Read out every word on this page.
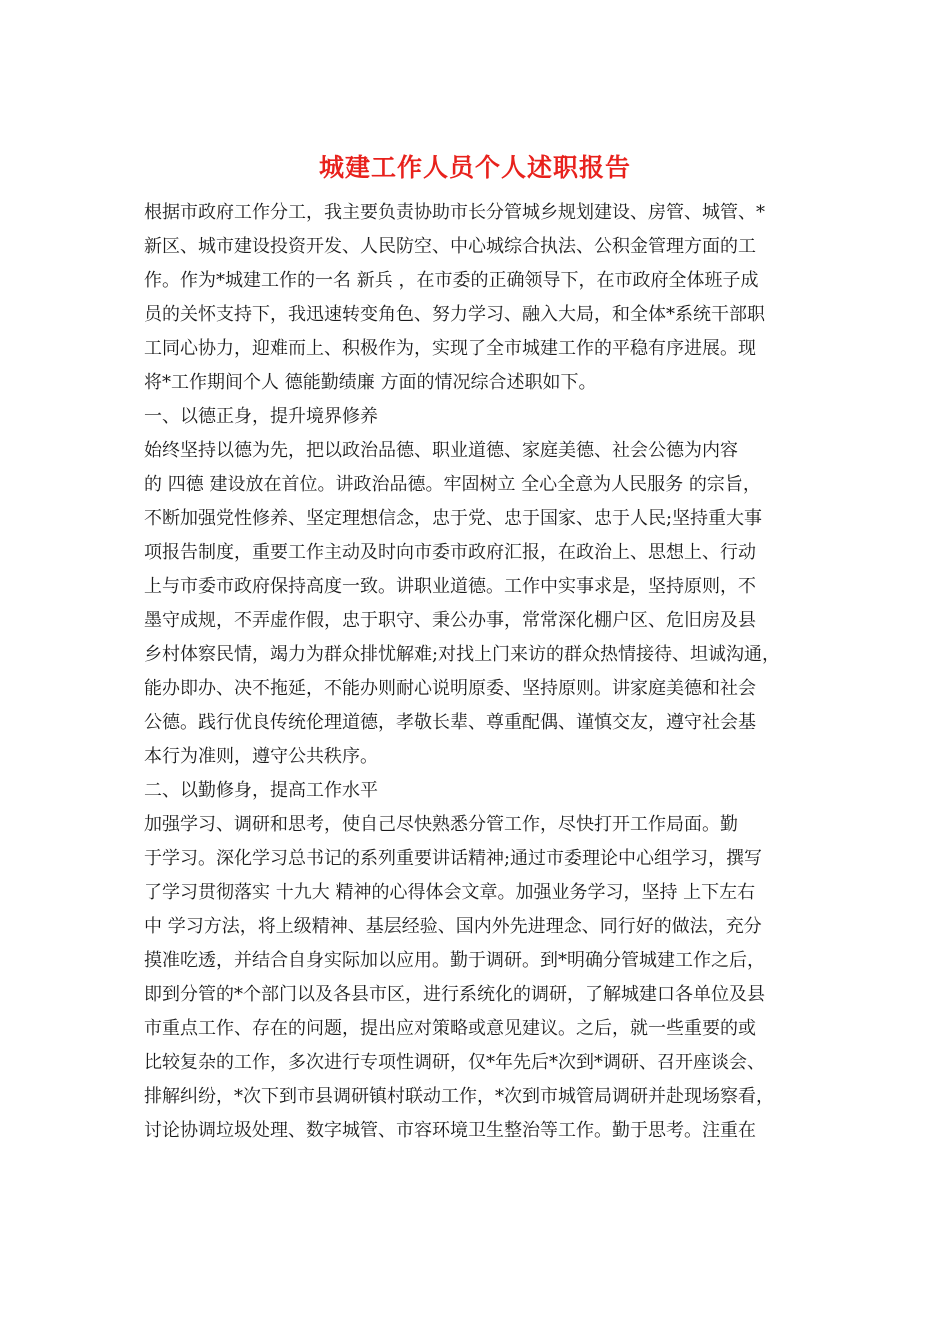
城建工作人员个人述职报告
根据市政府工作分工，我主要负责协助市长分管城乡规划建设、房管、城管、*
新区、城市建设投资开发、人民防空、中心城综合执法、公积金管理方面的工
作。作为*城建工作的一名 新兵 ，在市委的正确领导下，在市政府全体班子成
员的关怀支持下，我迅速转变角色、努力学习、融入大局，和全体*系统干部职
工同心协力，迎难而上、积极作为，实现了全市城建工作的平稳有序进展。现
将*工作期间个人 德能勤绩廉 方面的情况综合述职如下。
一、以德正身，提升境界修养
始终坚持以德为先，把以政治品德、职业道德、家庭美德、社会公德为内容
的 四德 建设放在首位。讲政治品德。牢固树立 全心全意为人民服务 的宗旨，
不断加强党性修养、坚定理想信念，忠于党、忠于国家、忠于人民;坚持重大事
项报告制度，重要工作主动及时向市委市政府汇报，在政治上、思想上、行动
上与市委市政府保持高度一致。讲职业道德。工作中实事求是，坚持原则，不
墨守成规，不弄虚作假，忠于职守、秉公办事，常常深化棚户区、危旧房及县
乡村体察民情，竭力为群众排忧解难;对找上门来访的群众热情接待、坦诚沟通，
能办即办、决不拖延，不能办则耐心说明原委、坚持原则。讲家庭美德和社会
公德。践行优良传统伦理道德，孝敬长辈、尊重配偶、谨慎交友，遵守社会基
本行为准则，遵守公共秩序。
二、以勤修身，提高工作水平
加强学习、调研和思考，使自己尽快熟悉分管工作，尽快打开工作局面。勤
于学习。深化学习总书记的系列重要讲话精神;通过市委理论中心组学习，撰写
了学习贯彻落实 十九大 精神的心得体会文章。加强业务学习，坚持 上下左右
中 学习方法，将上级精神、基层经验、国内外先进理念、同行好的做法，充分
摸准吃透，并结合自身实际加以应用。勤于调研。到*明确分管城建工作之后，
即到分管的*个部门以及各县市区，进行系统化的调研，了解城建口各单位及县
市重点工作、存在的问题，提出应对策略或意见建议。之后，就一些重要的或
比较复杂的工作，多次进行专项性调研，仅*年先后*次到*调研、召开座谈会、
排解纠纷，*次下到市县调研镇村联动工作，*次到市城管局调研并赴现场察看，
讨论协调垃圾处理、数字城管、市容环境卫生整治等工作。勤于思考。注重在
